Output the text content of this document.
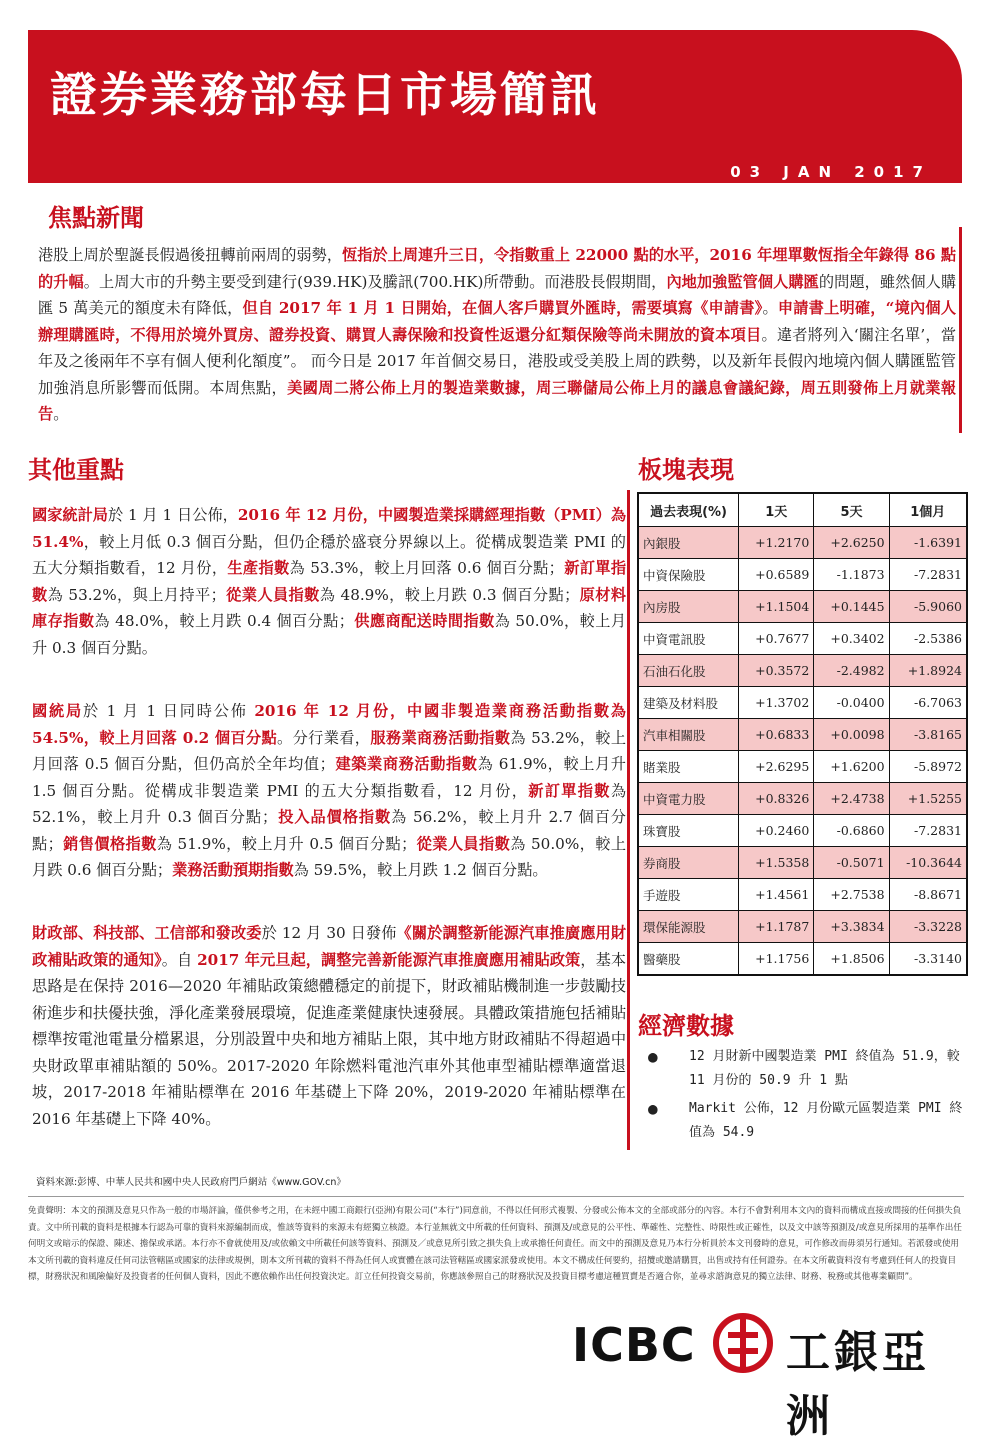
證券業務部每日市場簡訊
03 JAN 2017
焦點新聞
港股上周於聖誕長假過後扭轉前兩周的弱勢，恆指於上周連升三日，令指數重上 22000 點的水平，2016 年埋單數恆指全年錄得 86 點的升幅。上周大市的升勢主要受到建行(939.HK)及騰訊(700.HK)所帶動。而港股長假期間，內地加強監管個人購匯的問題，雖然個人購匯 5 萬美元的額度未有降低，但自 2017 年 1 月 1 日開始，在個人客戶購買外匯時，需要填寫《申請書》。申請書上明確，“境內個人辦理購匯時，不得用於境外買房、證券投資、購買人壽保險和投資性返還分紅類保險等尚未開放的資本項目。違者將列入‘關注名單’，當年及之後兩年不享有個人便利化額度”。 而今日是 2017 年首個交易日，港股或受美股上周的跌勢，以及新年長假內地境內個人購匯監管加強消息所影響而低開。本周焦點，美國周二將公佈上月的製造業數據，周三聯儲局公佈上月的議息會議紀錄，周五則發佈上月就業報告。
其他重點
國家統計局於 1 月 1 日公佈，2016 年 12 月份，中國製造業採購經理指數（PMI）為 51.4%，較上月低 0.3 個百分點，但仍企穩於盛衰分界線以上。從構成製造業 PMI 的五大分類指數看，12 月份，生產指數為 53.3%，較上月回落 0.6 個百分點；新訂單指數為 53.2%，與上月持平；從業人員指數為 48.9%，較上月跌 0.3 個百分點；原材料庫存指數為 48.0%，較上月跌 0.4 個百分點；供應商配送時間指數為 50.0%，較上月升 0.3 個百分點。
國統局於 1 月 1 日同時公佈 2016 年 12 月份，中國非製造業商務活動指數為 54.5%，較上月回落 0.2 個百分點。分行業看，服務業商務活動指數為 53.2%，較上月回落 0.5 個百分點，但仍高於全年均值；建築業商務活動指數為 61.9%，較上月升 1.5 個百分點。從構成非製造業 PMI 的五大分類指數看，12 月份，新訂單指數為 52.1%，較上月升 0.3 個百分點；投入品價格指數為 56.2%，較上月升 2.7 個百分點；銷售價格指數為 51.9%，較上月升 0.5 個百分點；從業人員指數為 50.0%，較上月跌 0.6 個百分點；業務活動預期指數為 59.5%，較上月跌 1.2 個百分點。
財政部、科技部、工信部和發改委於 12 月 30 日發佈《關於調整新能源汽車推廣應用財政補貼政策的通知》。自 2017 年元旦起，調整完善新能源汽車推廣應用補貼政策，基本思路是在保持 2016—2020 年補貼政策總體穩定的前提下，財政補貼機制進一步鼓勵技術進步和扶優扶強，淨化產業發展環境，促進產業健康快速發展。具體政策措施包括補貼標準按電池電量分檔累退，分別設置中央和地方補貼上限，其中地方財政補貼不得超過中央財政單車補貼額的 50%。2017-2020 年除燃料電池汽車外其他車型補貼標準適當退坡，2017-2018 年補貼標準在 2016 年基礎上下降 20%，2019-2020 年補貼標準在 2016 年基礎上下降 40%。
板塊表現
過去表現(%)	1天	5天	1個月
內銀股	+1.2170	+2.6250	-1.6391
中資保險股	+0.6589	-1.1873	-7.2831
內房股	+1.1504	+0.1445	-5.9060
中資電訊股	+0.7677	+0.3402	-2.5386
石油石化股	+0.3572	-2.4982	+1.8924
建築及材料股	+1.3702	-0.0400	-6.7063
汽車相關股	+0.6833	+0.0098	-3.8165
賭業股	+2.6295	+1.6200	-5.8972
中資電力股	+0.8326	+2.4738	+1.5255
珠寶股	+0.2460	-0.6860	-7.2831
券商股	+1.5358	-0.5071	-10.3644
手遊股	+1.4561	+2.7538	-8.8671
環保能源股	+1.1787	+3.3834	-3.3228
醫藥股	+1.1756	+1.8506	-3.3140
經濟數據
● 12 月財新中國製造業 PMI 終值為 51.9，較 11 月份的 50.9 升 1 點
● Markit 公佈，12 月份歐元區製造業 PMI 終值為 54.9
資料來源:彭博、中華人民共和國中央人民政府門戶網站《www.GOV.cn》
免責聲明：本文的預測及意見只作為一般的市場評論，僅供參考之用，在未經中國工商銀行(亞洲)有限公司(“本行”)同意前，不得以任何形式複製、分發或公佈本文的全部或部分的內容。本行不會對利用本文內的資料而構成直接或間接的任何損失負責。文中所刊載的資料是根據本行認為可靠的資料來源編制而成，惟該等資料的來源未有經獨立核證。本行並無就文中所載的任何資料、預測及/或意見的公平性、準確性、完整性、時限性或正確性，以及文中該等預測及/或意見所採用的基準作出任何明文或暗示的保證、陳述、擔保或承諾。本行亦不會就使用及/或依賴文中所載任何該等資料、預測及／或意見所引致之損失負上或承擔任何責任。而文中的預測及意見乃本行分析員於本文刊發時的意見，可作修改而毋須另行通知。若派發或使用本文所刊載的資料違反任何司法管轄區或國家的法律或規例，則本文所刊載的資料不得為任何人或實體在該司法管轄區或國家派發或使用。本文不構成任何要約，招攬或邀請購買，出售或持有任何證券。在本文所載資料沒有考慮到任何人的投資目標，財務狀況和風險偏好及投資者的任何個人資料，因此不應依賴作出任何投資決定。訂立任何投資交易前，你應該參照自己的財務狀況及投資目標考慮這種買賣是否適合你，並尋求諮詢意見的獨立法律、財務、稅務或其他專業顧問”。
ICBC 工銀亞洲
